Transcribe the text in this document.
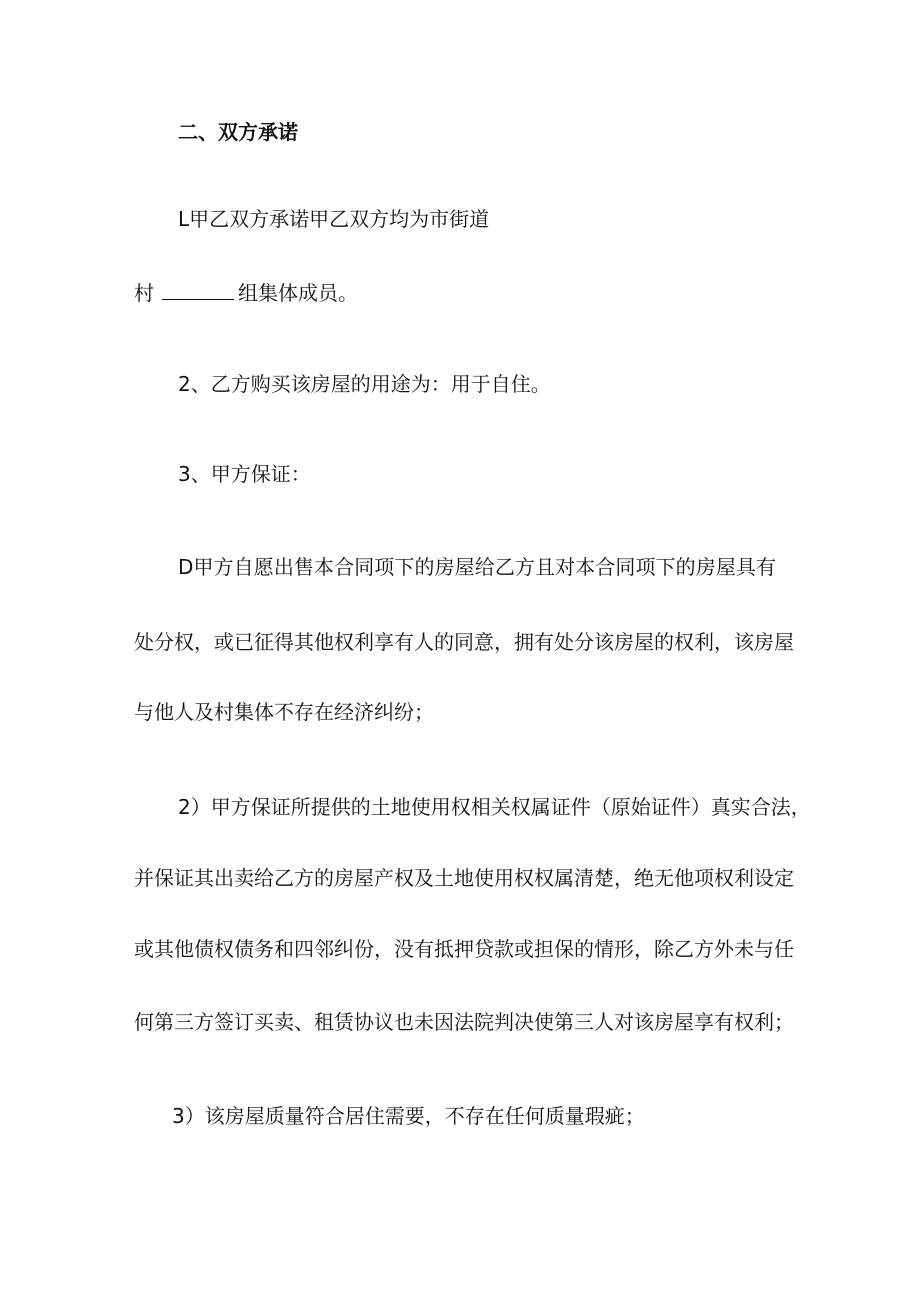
二、双方承诺
L甲乙双方承诺甲乙双方均为市街道
村	组集体成员。
2、乙方购买该房屋的用途为：用于自住。
3、甲方保证：
D甲方自愿出售本合同项下的房屋给乙方且对本合同项下的房屋具有
处分权，或已征得其他权利享有人的同意，拥有处分该房屋的权利，该房屋
与他人及村集体不存在经济纠纷；
2）甲方保证所提供的土地使用权相关权属证件（原始证件）真实合法，
并保证其出卖给乙方的房屋产权及土地使用权权属清楚，绝无他项权利设定
或其他债权债务和四邻纠份，没有抵押贷款或担保的情形，除乙方外未与任
何第三方签订买卖、租赁协议也未因法院判决使第三人对该房屋享有权利；
3）该房屋质量符合居住需要，不存在任何质量瑕疵；
